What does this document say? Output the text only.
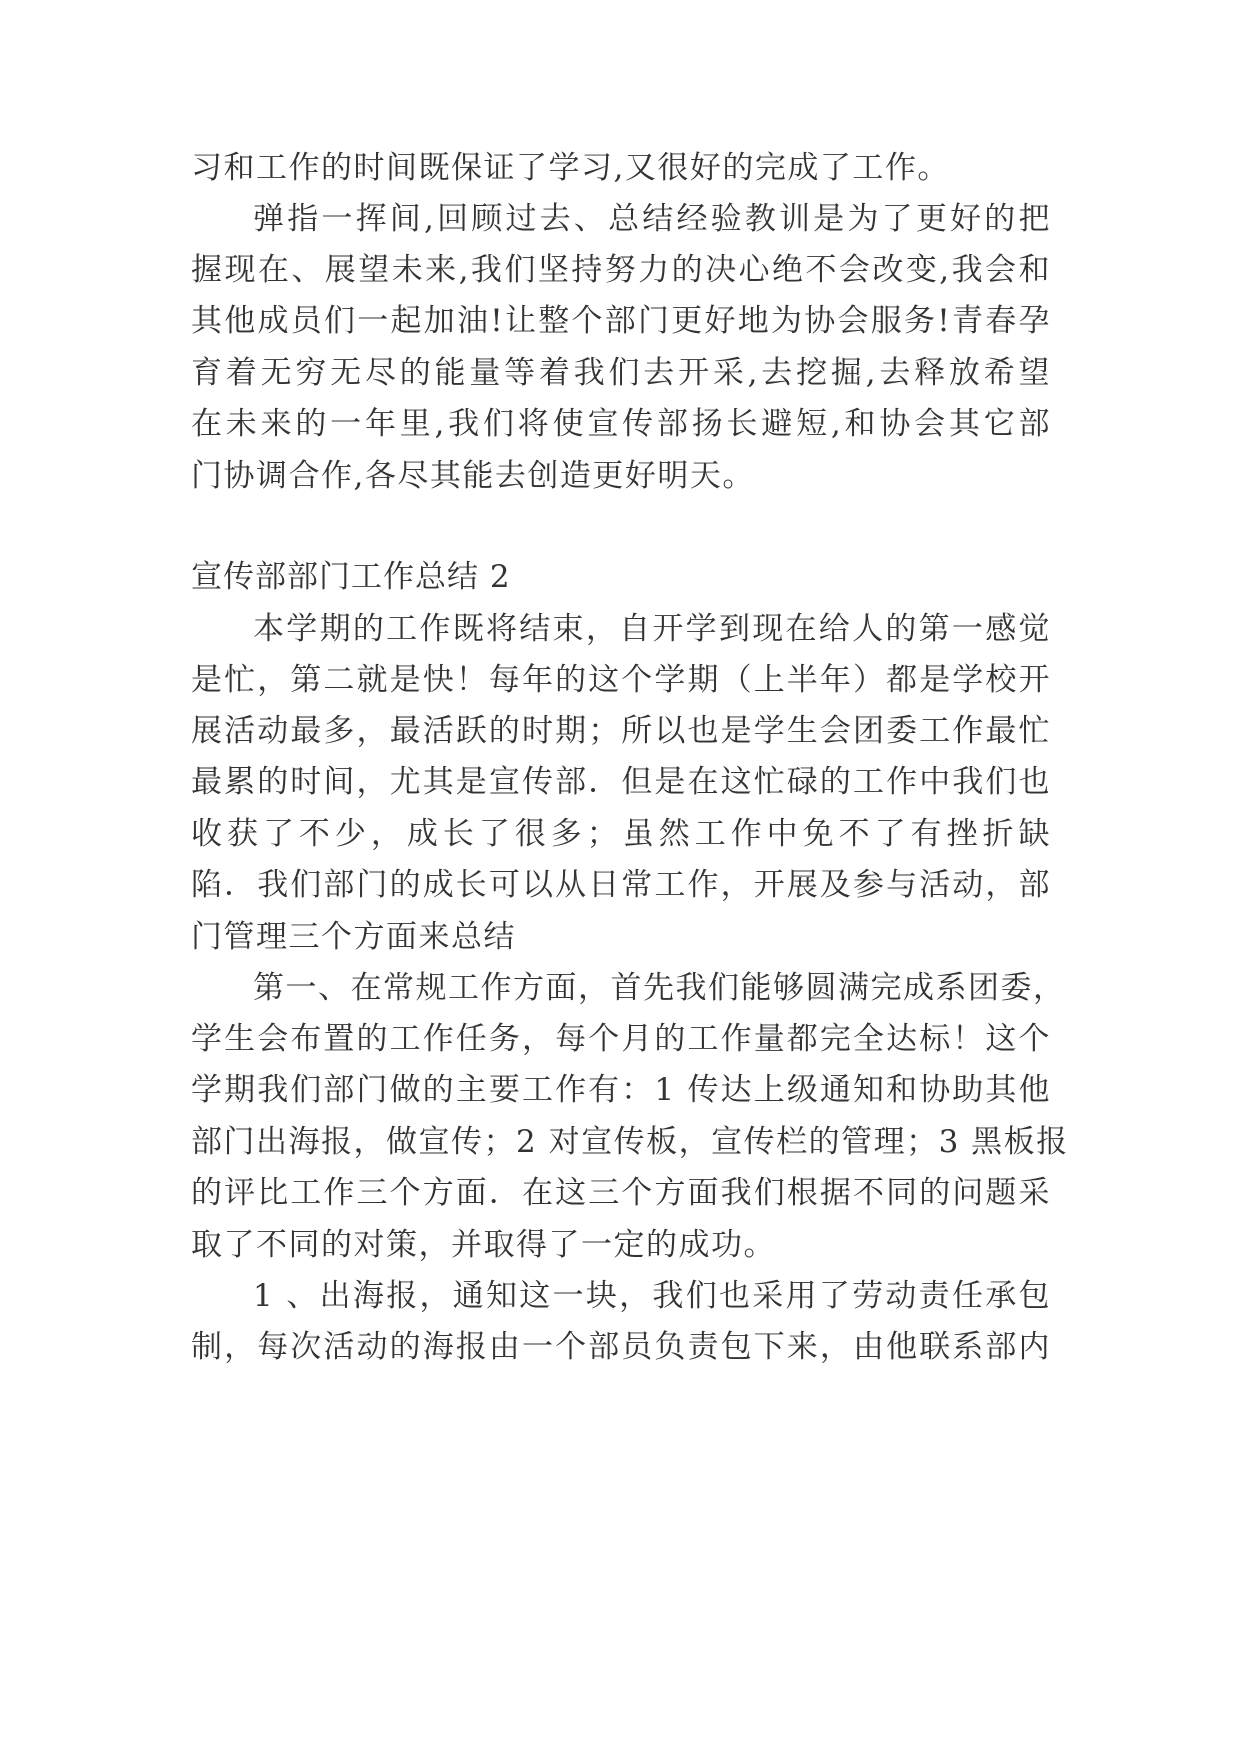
习和工作的时间既保证了学习,又很好的完成了工作。
弹指一挥间,回顾过去、总结经验教训是为了更好的把
握现在、展望未来,我们坚持努力的决心绝不会改变,我会和
其他成员们一起加油!让整个部门更好地为协会服务!青春孕
育着无穷无尽的能量等着我们去开采,去挖掘,去释放希望
在未来的一年里,我们将使宣传部扬长避短,和协会其它部
门协调合作,各尽其能去创造更好明天。
宣传部部门工作总结 2
本学期的工作既将结束，自开学到现在给人的第一感觉
是忙，第二就是快！每年的这个学期（上半年）都是学校开
展活动最多，最活跃的时期；所以也是学生会团委工作最忙
最累的时间，尤其是宣传部．但是在这忙碌的工作中我们也
收获了不少，成长了很多；虽然工作中免不了有挫折缺
陷．我们部门的成长可以从日常工作，开展及参与活动，部
门管理三个方面来总结
第一、在常规工作方面，首先我们能够圆满完成系团委，
学生会布置的工作任务，每个月的工作量都完全达标！这个
学期我们部门做的主要工作有：1 传达上级通知和协助其他
部门出海报，做宣传；2 对宣传板，宣传栏的管理；3 黑板报
的评比工作三个方面．在这三个方面我们根据不同的问题采
取了不同的对策，并取得了一定的成功。
1 、出海报，通知这一块，我们也采用了劳动责任承包
制，每次活动的海报由一个部员负责包下来，由他联系部内
